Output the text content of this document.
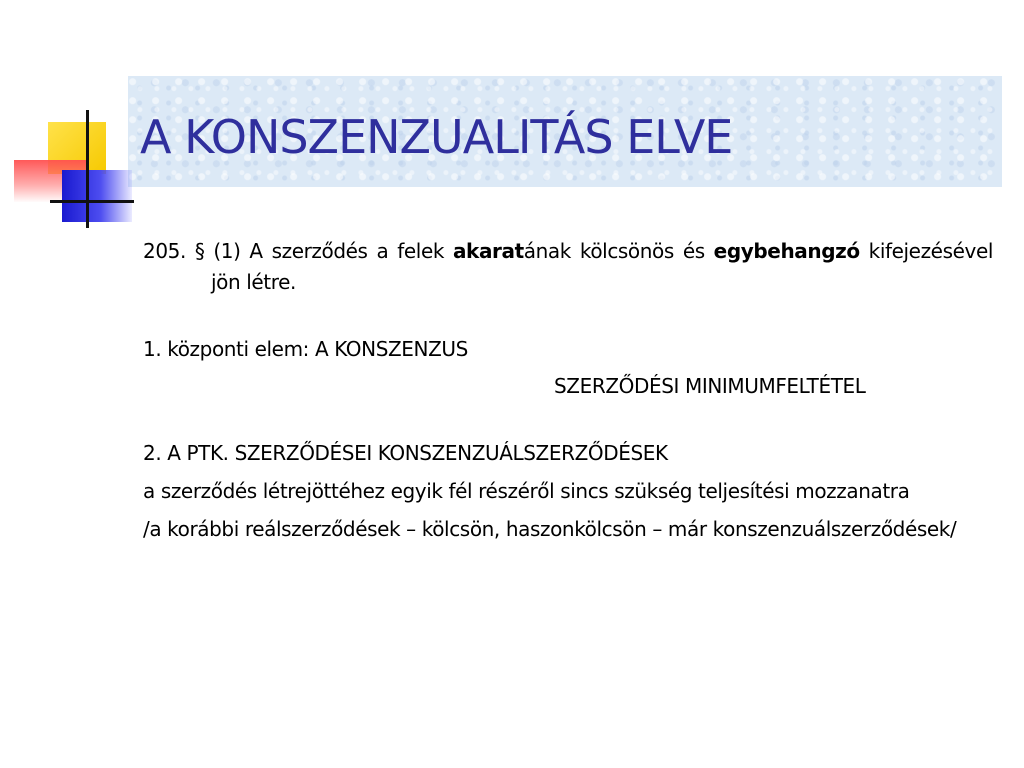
A KONSZENZUALITÁS ELVE

205. § (1) A szerződés a felek akaratának kölcsönös és egybehangzó kifejezésével jön létre.

1. központi elem: A KONSZENZUS

SZERZŐDÉSI MINIMUMFELTÉTEL

2. A PTK. SZERZŐDÉSEI KONSZENZUÁLSZERZŐDÉSEK

a szerződés létrejöttéhez egyik fél részéről sincs szükség teljesítési mozzanatra

/a korábbi reálszerződések – kölcsön, haszonkölcsön – már konszenzuálszerződések/
